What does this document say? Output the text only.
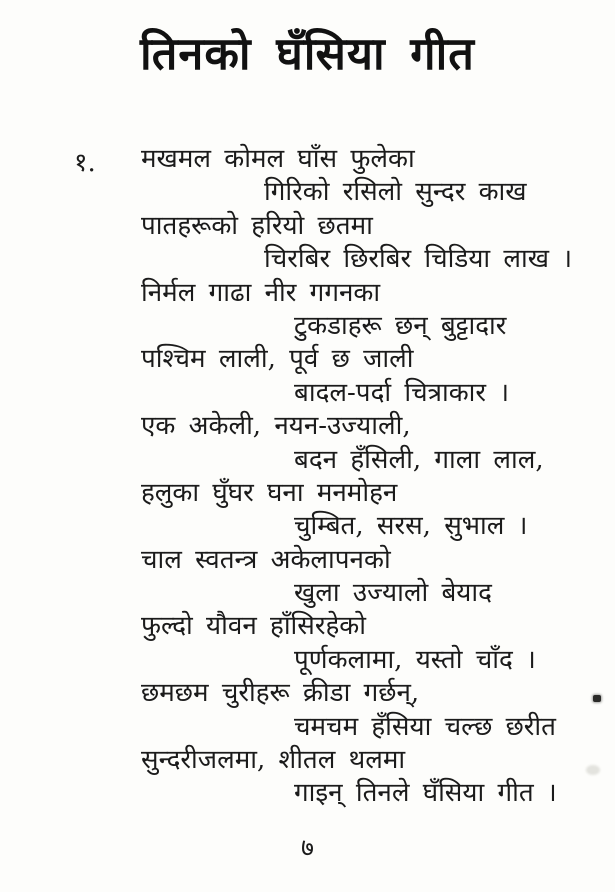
तिनको घँसिया गीत
१.	मखमल कोमल घाँस फुलेका
गिरिको रसिलो सुन्दर काख
पातहरूको हरियो छतमा
चिरबिर छिरबिर चिडिया लाख ।
निर्मल गाढा नीर गगनका
टुकडाहरू छन् बुट्टादार
पश्चिम लाली, पूर्व छ जाली
बादल-पर्दा चित्राकार ।
एक अकेली, नयन-उज्याली,
बदन हँसिली, गाला लाल,
हलुका घुँघर घना मनमोहन
चुम्बित, सरस, सुभाल ।
चाल स्वतन्त्र अकेलापनको
खुला उज्यालो बेयाद
फुल्दो यौवन हाँसिरहेको
पूर्णकलामा, यस्तो चाँद ।
छमछम चुरीहरू क्रीडा गर्छन्,
चमचम हँसिया चल्छ छरीत
सुन्दरीजलमा, शीतल थलमा
गाइन् तिनले घँसिया गीत ।
७
